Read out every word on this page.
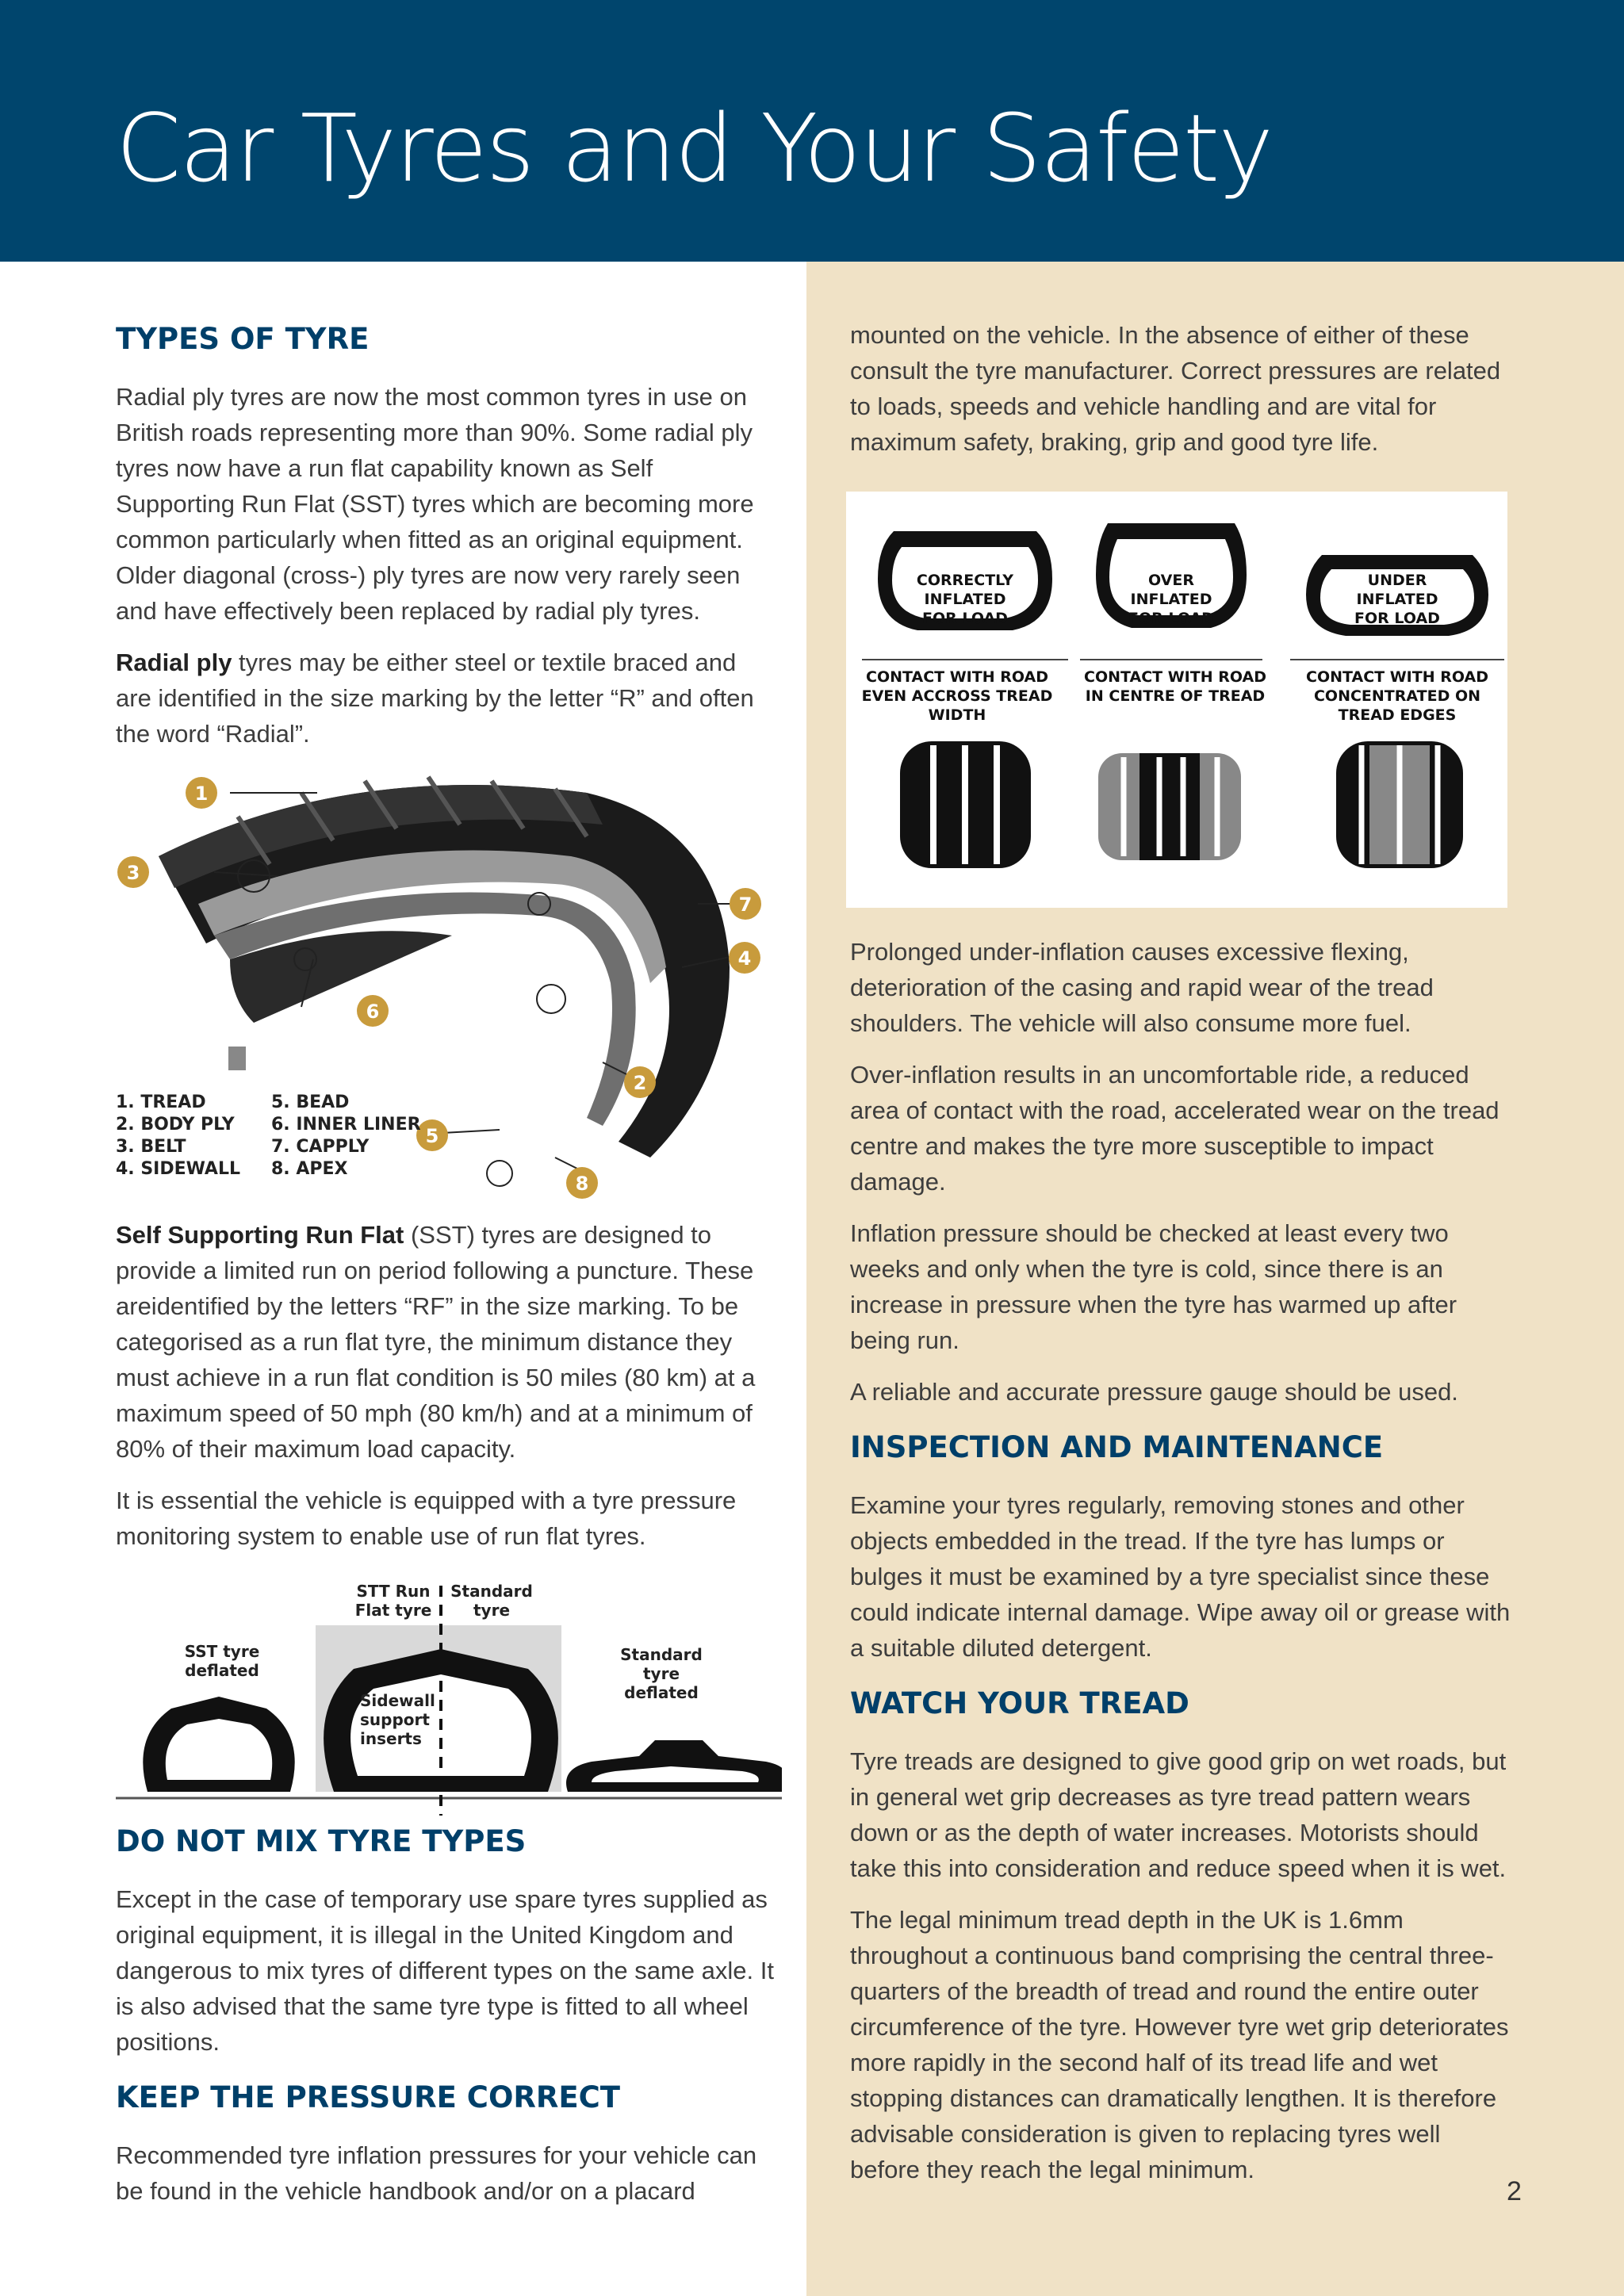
Car Tyres and Your Safety
TYPES OF TYRE

Radial ply tyres are now the most common tyres in use on British roads representing more than 90%. Some radial ply tyres now have a run flat capability known as Self Supporting Run Flat (SST) tyres which are becoming more common particularly when fitted as an original equipment.

Older diagonal (cross-) ply tyres are now very rarely seen and have effectively been replaced by radial ply tyres.

Radial ply tyres may be either steel or textile braced and are identified in the size marking by the letter “R” and often the word “Radial”.

1
2
3
4
5
6
7
8
1. TREAD
2. BODY PLY
3. BELT
4. SIDEWALL
5. BEAD
6. INNER LINER
7. CAPPLY
8. APEX

Self Supporting Run Flat (SST) tyres are designed to provide a limited run on period following a puncture. These areidentified by the letters “RF” in the size marking. To be categorised as a run flat tyre, the minimum distance they must achieve in a run flat condition is 50 miles (80 km) at a maximum speed of 50 mph (80 km/h) and at a minimum of 80% of their maximum load capacity.

It is essential the vehicle is equipped with a tyre pressure monitoring system to enable use of run flat tyres.

SST tyre
deflated
STT Run
Flat tyre
Standard
tyre
Sidewall
support
inserts
Standard
tyre
deflated
DO NOT MIX TYRE TYPES

Except in the case of temporary use spare tyres supplied as original equipment, it is illegal in the United Kingdom and dangerous to mix tyres of different types on the same axle. It is also advised that the same tyre type is fitted to all wheel positions.

KEEP THE PRESSURE CORRECT

Recommended tyre inflation pressures for your vehicle can be found in the vehicle handbook and/or on a placard

mounted on the vehicle. In the absence of either of these consult the tyre manufacturer. Correct pressures are related to loads, speeds and vehicle handling and are vital for maximum safety, braking, grip and good tyre life.

CORRECTLY
INFLATED
FOR LOAD
CONTACT WITH ROAD
EVEN ACCROSS TREAD
WIDTH
OVER
INFLATED
FOR LOAD
CONTACT WITH ROAD
IN CENTRE OF TREAD
UNDER
INFLATED
FOR LOAD
CONTACT WITH ROAD
CONCENTRATED ON
TREAD EDGES

Prolonged under-inflation causes excessive flexing, deterioration of the casing and rapid wear of the tread shoulders. The vehicle will also consume more fuel.

Over-inflation results in an uncomfortable ride, a reduced area of contact with the road, accelerated wear on the tread centre and makes the tyre more susceptible to impact damage.

Inflation pressure should be checked at least every two weeks and only when the tyre is cold, since there is an increase in pressure when the tyre has warmed up after being run.

A reliable and accurate pressure gauge should be used.

INSPECTION AND MAINTENANCE

Examine your tyres regularly, removing stones and other objects embedded in the tread. If the tyre has lumps or bulges it must be examined by a tyre specialist since these could indicate internal damage. Wipe away oil or grease with a suitable diluted detergent.

WATCH YOUR TREAD

Tyre treads are designed to give good grip on wet roads, but in general wet grip decreases as tyre tread pattern wears down or as the depth of water increases. Motorists should take this into consideration and reduce speed when it is wet.

The legal minimum tread depth in the UK is 1.6mm throughout a continuous band comprising the central three-quarters of the breadth of tread and round the entire outer circumference of the tyre. However tyre wet grip deteriorates more rapidly in the second half of its tread life and wet stopping distances can dramatically lengthen. It is therefore advisable consideration is given to replacing tyres well before they reach the legal minimum.

2
